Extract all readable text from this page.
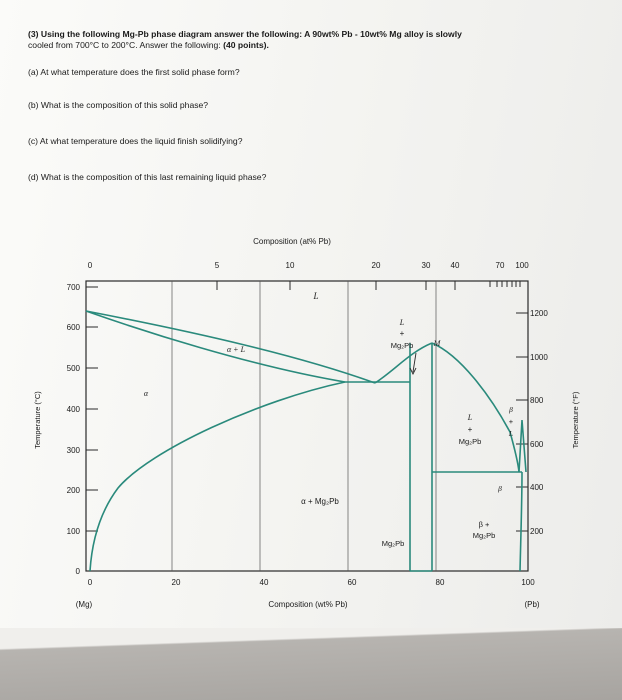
(3) Using the following Mg-Pb phase diagram answer the following: A 90wt% Pb - 10wt% Mg alloy is slowly
cooled from 700°C to 200°C. Answer the following: (40 points).
(a) At what temperature does the first solid phase form?
(b) What is the composition of this solid phase?
(c) At what temperature does the liquid finish solidifying?
(d) What is the composition of this last remaining liquid phase?
Composition (at% Pb)
0	5	10	20	30	40	70 100
700
600
500
400
300
200
100
0
Temperature (°C)
1200
1000
800
600
400
200
Temperature (°F)
0	20	40	60	80	100
(Mg)	Composition (wt% Pb)	(Pb)
L
α + L
α
α + Mg₂Pb
L
+
Mg₂Pb	M
L
+
Mg₂Pb
β
+
L
β
β +
Mg₂Pb
Mg₂Pb
